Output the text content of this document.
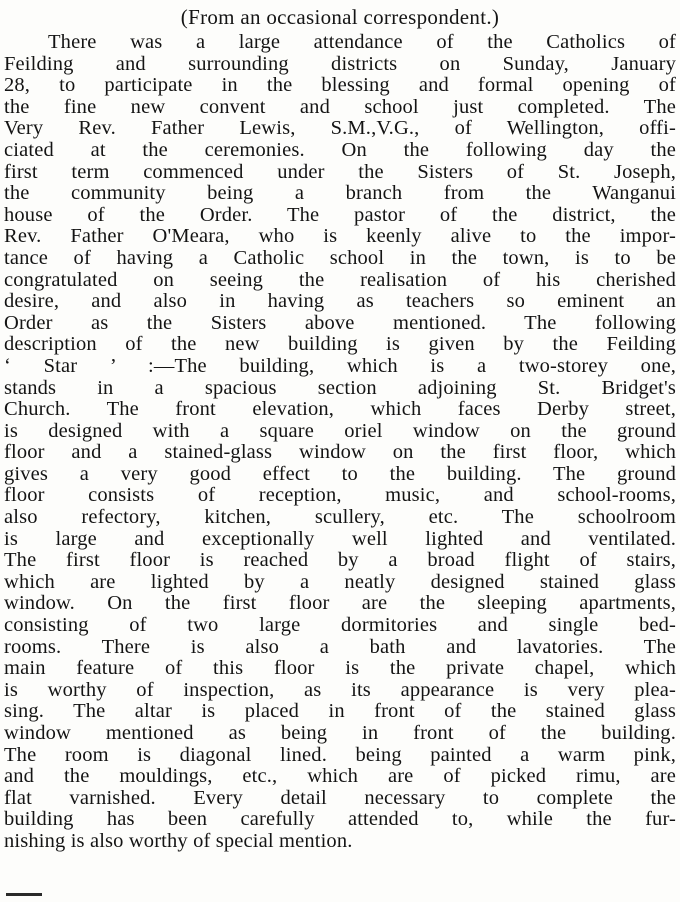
(From an occasional correspondent.)

There was a large attendance of the Catholics of
Feilding and surrounding districts on Sunday, January
28, to participate in the blessing and formal opening of
the fine new convent and school just completed. The
Very Rev. Father Lewis, S.M.,V.G., of Wellington, offi-
ciated at the ceremonies. On the following day the
first term commenced under the Sisters of St. Joseph,
the community being a branch from the Wanganui
house of the Order. The pastor of the district, the
Rev. Father O'Meara, who is keenly alive to the impor-
tance of having a Catholic school in the town, is to be
congratulated on seeing the realisation of his cherished
desire, and also in having as teachers so eminent an
Order as the Sisters above mentioned. The following
description of the new building is given by the Feilding
‘ Star ’ :—The building, which is a two-storey one,
stands in a spacious section adjoining St. Bridget's
Church. The front elevation, which faces Derby street,
is designed with a square oriel window on the ground
floor and a stained-glass window on the first floor, which
gives a very good effect to the building. The ground
floor consists of reception, music, and school-rooms,
also refectory, kitchen, scullery, etc. The schoolroom
is large and exceptionally well lighted and ventilated.
The first floor is reached by a broad flight of stairs,
which are lighted by a neatly designed stained glass
window. On the first floor are the sleeping apartments,
consisting of two large dormitories and single bed-
rooms. There is also a bath and lavatories. The
main feature of this floor is the private chapel, which
is worthy of inspection, as its appearance is very plea-
sing. The altar is placed in front of the stained glass
window mentioned as being in front of the building.
The room is diagonal lined. being painted a warm pink,
and the mouldings, etc., which are of picked rimu, are
flat varnished. Every detail necessary to complete the
building has been carefully attended to, while the fur-
nishing is also worthy of special mention.
